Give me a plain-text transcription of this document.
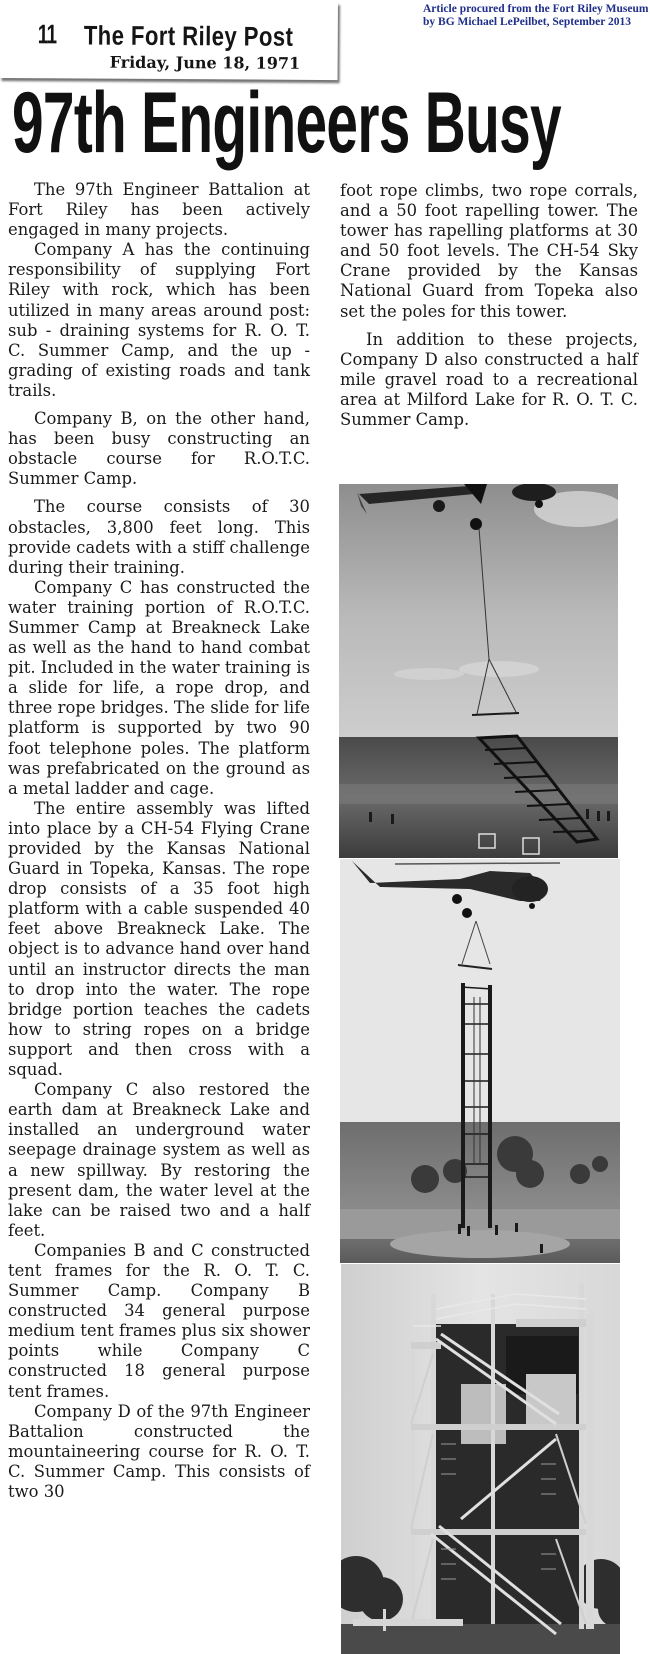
11 The Fort Riley Post
Friday, June 18, 1971
Article procured from the Fort Riley Museum
by BG Michael LePeilbet, September 2013
97th Engineers Busy

The 97th Engineer Battalion at Fort Riley has been actively engaged in many projects.

Company A has the continuing responsibility of supplying Fort Riley with rock, which has been utilized in many areas around post: sub - draining systems for R. O. T. C. Summer Camp, and the up - grading of existing roads and tank trails.

Company B, on the other hand, has been busy constructing an obstacle course for R.O.T.C. Summer Camp.

The course consists of 30 obstacles, 3,800 feet long. This provide cadets with a stiff challenge during their training.

Company C has constructed the water training portion of R.O.T.C. Summer Camp at Breakneck Lake as well as the hand to hand combat pit. Included in the water training is a slide for life, a rope drop, and three rope bridges. The slide for life platform is supported by two 90 foot telephone poles. The platform was prefabricated on the ground as a metal ladder and cage.

The entire assembly was lifted into place by a CH-54 Flying Crane provided by the Kansas National Guard in Topeka, Kansas. The rope drop consists of a 35 foot high platform with a cable suspended 40 feet above Breakneck Lake. The object is to advance hand over hand until an instructor directs the man to drop into the water. The rope bridge portion teaches the cadets how to string ropes on a bridge support and then cross with a squad.

Company C also restored the earth dam at Breakneck Lake and installed an underground water seepage drainage system as well as a new spillway. By restoring the present dam, the water level at the lake can be raised two and a half feet.

Companies B and C constructed tent frames for the R. O. T. C. Summer Camp. Company B constructed 34 general purpose medium tent frames plus six shower points while Company C constructed 18 general purpose tent frames.

Company D of the 97th Engineer Battalion constructed the mountaineering course for R. O. T. C. Summer Camp. This consists of two 30

foot rope climbs, two rope corrals, and a 50 foot rapelling tower. The tower has rapelling platforms at 30 and 50 foot levels. The CH-54 Sky Crane provided by the Kansas National Guard from Topeka also set the poles for this tower.

In addition to these projects, Company D also constructed a half mile gravel road to a recreational area at Milford Lake for R. O. T. C. Summer Camp.
